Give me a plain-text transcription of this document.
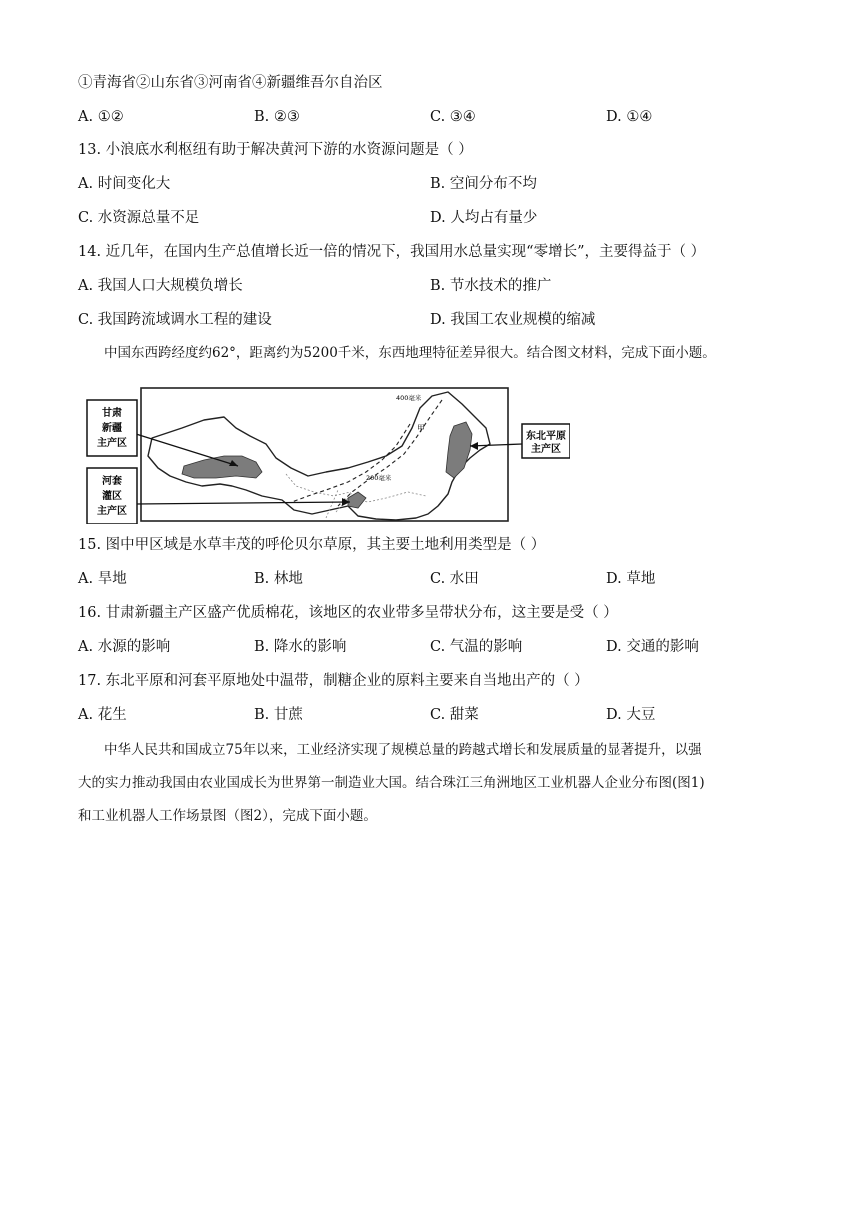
①青海省②山东省③河南省④新疆维吾尔自治区
A. ①②	B. ②③	C. ③④	D. ①④
13. 小浪底水利枢纽有助于解决黄河下游的水资源问题是（ ）
A. 时间变化大	B. 空间分布不均
C. 水资源总量不足	D. 人均占有量少
14. 近几年，在国内生产总值增长近一倍的情况下，我国用水总量实现“零增长”，主要得益于（ ）
A. 我国人口大规模负增长	B. 节水技术的推广
C. 我国跨流域调水工程的建设	D. 我国工农业规模的缩减
中国东西跨经度约62°，距离约为5200千米，东西地理特征差异很大。结合图文材料，完成下面小题。
甘肃
新疆
主产区
河套
灌区
主产区
东北平原
主产区
400毫米
200毫米
甲
15. 图中甲区域是水草丰茂的呼伦贝尔草原，其主要土地利用类型是（ ）
A. 旱地	B. 林地	C. 水田	D. 草地
16. 甘肃新疆主产区盛产优质棉花，该地区的农业带多呈带状分布，这主要是受（ ）
A. 水源的影响	B. 降水的影响	C. 气温的影响	D. 交通的影响
17. 东北平原和河套平原地处中温带，制糖企业的原料主要来自当地出产的（ ）
A. 花生	B. 甘蔗	C. 甜菜	D. 大豆
中华人民共和国成立75年以来，工业经济实现了规模总量的跨越式增长和发展质量的显著提升，以强
大的实力推动我国由农业国成长为世界第一制造业大国。结合珠江三角洲地区工业机器人企业分布图(图1)
和工业机器人工作场景图（图2），完成下面小题。
